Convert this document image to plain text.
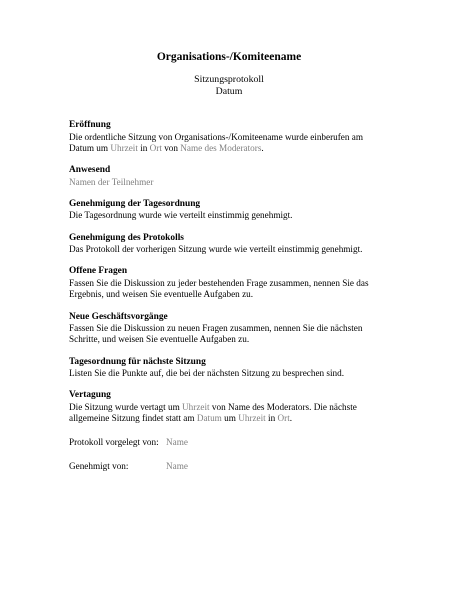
Organisations-/Komiteename

Sitzungsprotokoll

Datum

Eröffnung

Die ordentliche Sitzung von Organisations-/Komiteename wurde einberufen am

Datum um Uhrzeit in Ort von Name des Moderators.

Anwesend

Namen der Teilnehmer

Genehmigung der Tagesordnung

Die Tagesordnung wurde wie verteilt einstimmig genehmigt.

Genehmigung des Protokolls

Das Protokoll der vorherigen Sitzung wurde wie verteilt einstimmig genehmigt.

Offene Fragen

Fassen Sie die Diskussion zu jeder bestehenden Frage zusammen, nennen Sie das

Ergebnis, und weisen Sie eventuelle Aufgaben zu.

Neue Geschäftsvorgänge

Fassen Sie die Diskussion zu neuen Fragen zusammen, nennen Sie die nächsten

Schritte, und weisen Sie eventuelle Aufgaben zu.

Tagesordnung für nächste Sitzung

Listen Sie die Punkte auf, die bei der nächsten Sitzung zu besprechen sind.

Vertagung

Die Sitzung wurde vertagt um Uhrzeit von Name des Moderators. Die nächste

allgemeine Sitzung findet statt am Datum um Uhrzeit in Ort.

Protokoll vorgelegt von: Name
Genehmigt von:	Name
